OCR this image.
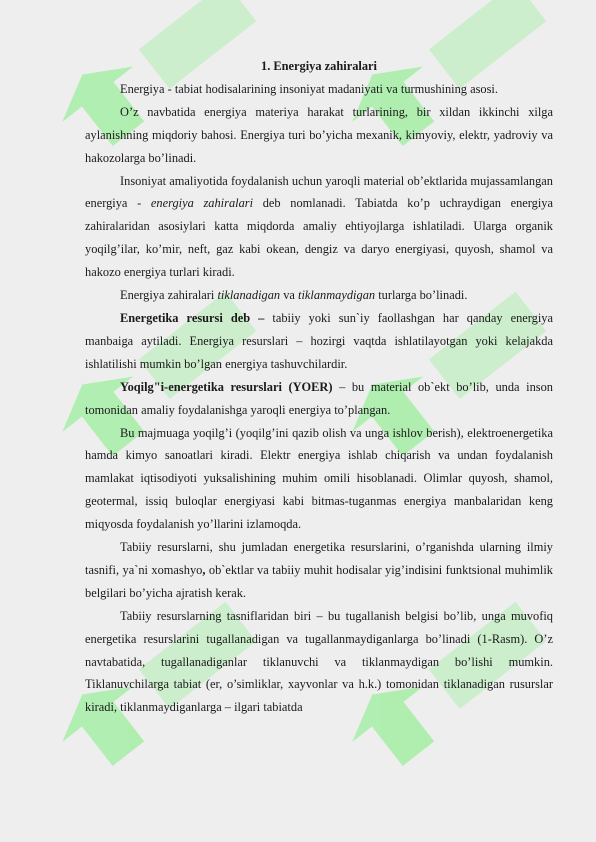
1. Energiya zahiralari

Energiya - tabiat hodisalarining insoniyat madaniyati va turmushining asosi.

O’z navbatida energiya materiya harakat turlarining, bir xildan ikkinchi xilga aylanishning miqdoriy bahosi. Energiya turi bo’yicha mexanik, kimyoviy, elektr, yadroviy va hakozolarga bo’linadi.

Insoniyat amaliyotida foydalanish uchun yaroqli material ob’ektlarida mujassamlangan energiya - energiya zahiralari deb nomlanadi. Tabiatda ko’p uchraydigan energiya zahiralaridan asosiylari katta miqdorda amaliy ehtiyojlarga ishlatiladi. Ularga organik yoqilg’ilar, ko’mir, neft, gaz kabi okean, dengiz va daryo energiyasi, quyosh, shamol va hakozo energiya turlari kiradi.

Energiya zahiralari tiklanadigan va tiklanmaydigan turlarga bo’linadi.

Energetika resursi deb – tabiiy yoki sun`iy faollashgan har qanday energiya manbaiga aytiladi. Energiya resurslari – hozirgi vaqtda ishlatilayotgan yoki kelajakda ishlatilishi mumkin bo’lgan energiya tashuvchilardir.

Yoqilg"i-energetika resurslari (YOER) – bu material ob`ekt bo’lib, unda inson tomonidan amaliy foydalanishga yaroqli energiya to’plangan.

Bu majmuaga yoqilg’i (yoqilg’ini qazib olish va unga ishlov berish), elektroenergetika hamda kimyo sanoatlari kiradi. Elektr energiya ishlab chiqarish va undan foydalanish mamlakat iqtisodiyoti yuksalishining muhim omili hisoblanadi. Olimlar quyosh, shamol, geotermal, issiq buloqlar energiyasi kabi bitmas-tuganmas energiya manbalaridan keng miqyosda foydalanish yo’llarini izlamoqda.

Tabiiy resurslarni, shu jumladan energetika resurslarini, o’rganishda ularning ilmiy tasnifi, ya`ni xomashyo, ob`ektlar va tabiiy muhit hodisalar yig’indisini funktsional muhimlik belgilari bo’yicha ajratish kerak.

Tabiiy resurslarning tasniflaridan biri – bu tugallanish belgisi bo’lib, unga muvofiq energetika resurslarini tugallanadigan va tugallanmaydiganlarga bo’linadi (1-Rasm). O’z navtabatida, tugallanadiganlar tiklanuvchi va tiklanmaydigan bo’lishi mumkin. Tiklanuvchilarga tabiat (er, o’simliklar, xayvonlar va h.k.) tomonidan tiklanadigan rusurslar kiradi, tiklanmaydiganlarga – ilgari tabiatda
